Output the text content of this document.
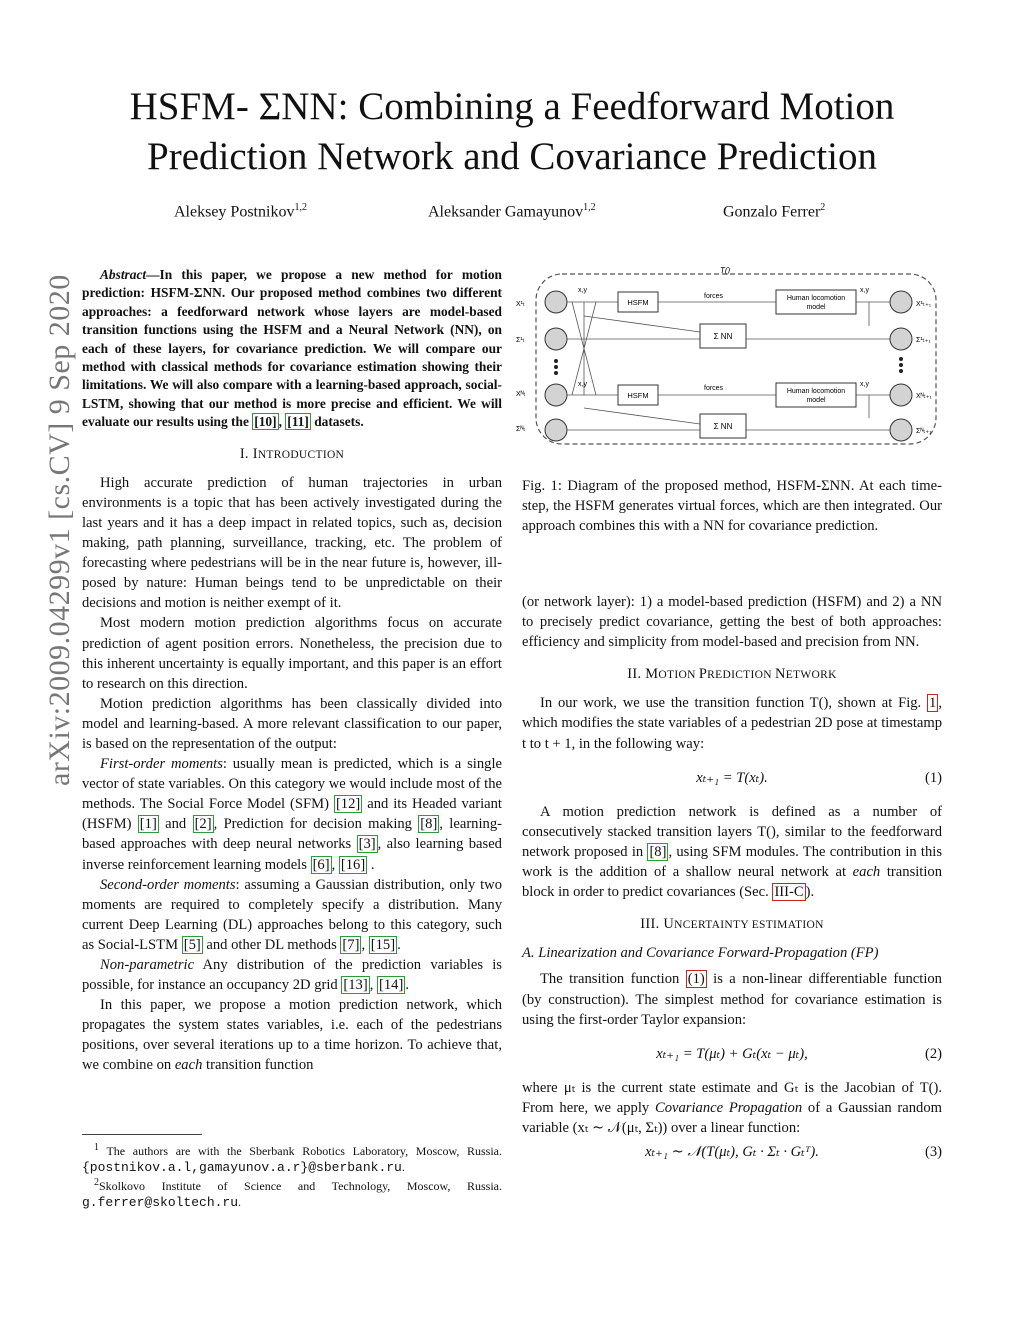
HSFM- ΣNN: Combining a Feedforward Motion
Prediction Network and Covariance Prediction
Aleksey Postnikov$^{1,2}$	Aleksander Gamayunov$^{1,2}$	Gonzalo Ferrer$^2$
arXiv:2009.04299v1 [cs.CV] 9 Sep 2020	Abstract—In this paper, we propose a new method for motion prediction: HSFM-ΣNN. Our proposed method combines two different approaches: a feedforward network whose layers are model-based transition functions using the HSFM and a Neural Network (NN), on each of these layers, for covariance prediction. We will compare our method with classical methods for covariance estimation showing their limitations. We will also compare with a learning-based approach, social-LSTM, showing that our method is more precise and efficient. We will evaluate our results using the [10] , [11] datasets.

I. INTRODUCTION

High accurate prediction of human trajectories in urban environments is a topic that has been actively investigated during the last years and it has a deep impact in related topics, such as, decision making, path planning, surveillance, tracking, etc. The problem of forecasting where pedestrians will be in the near future is, however, ill-posed by nature: Human beings tend to be unpredictable on their decisions and motion is neither exempt of it.

Most modern motion prediction algorithms focus on accurate prediction of agent position errors. Nonetheless, the precision due to this inherent uncertainty is equally important, and this paper is an effort to research on this direction.

Motion prediction algorithms has been classically divided into model and learning-based. A more relevant classification to our paper, is based on the representation of the output:

First-order moments: usually mean is predicted, which is a single vector of state variables. On this category we would include most of the methods. The Social Force Model (SFM) [12] and its Headed variant (HSFM) [1] and [2] , Prediction for decision making [8] , learning-based approaches with deep neural networks [3] , also learning based inverse reinforcement learning models [6] , [16] .

Second-order moments: assuming a Gaussian distribution, only two moments are required to completely specify a distribution. Many current Deep Learning (DL) approaches belong to this category, such as Social-LSTM [5] and other DL methods [7] , [15] .

Non-parametric Any distribution of the prediction variables is possible, for instance an occupancy 2D grid [13] , [14] .

In this paper, we propose a motion prediction network, which propagates the system states variables, i.e. each of the pedestrians positions, over several iterations up to a time horizon. To achieve that, we combine on each transition function

$^1$ The authors are with the Sberbank Robotics Laboratory, Moscow, Russia. {postnikov.a.l,gamayunov.a.r}@sberbank.ru.
$^2$Skolkovo Institute of Science and Technology, Moscow, Russia. g.ferrer@skoltech.ru.
T()
X¹ₜ
Σ¹ₜ
Xᴺₜ
Σᴺₜ
x,y
x,y
x,y
x,y
HSFM
HSFM
forces
forces
Human locomotion
model
Human locomotion
model
Σ NN
Σ NN
X¹ₜ₊₁
Σ¹ₜ₊₁
Xᴺₜ₊₁
Σᴺₜ₊₁
Fig. 1: Diagram of the proposed method, HSFM-ΣNN. At each time-step, the HSFM generates virtual forces, which are then integrated. Our approach combines this with a NN for covariance prediction.

(or network layer): 1) a model-based prediction (HSFM) and 2) a NN to precisely predict covariance, getting the best of both approaches: efficiency and simplicity from model-based and precision from NN.

II. MOTION PREDICTION NETWORK

In our work, we use the transition function T(), shown at Fig. 1 , which modifies the state variables of a pedestrian 2D pose at timestamp t to t + 1, in the following way:

xₜ₊₁ = T(xₜ).	(1)

A motion prediction network is defined as a number of consecutively stacked transition layers T(), similar to the feedforward network proposed in [8] , using SFM modules. The contribution in this work is the addition of a shallow neural network at each transition block in order to predict covariances (Sec. III-C ).

III. UNCERTAINTY ESTIMATION
A. Linearization and Covariance Forward-Propagation (FP)

The transition function (1) is a non-linear differentiable function (by construction). The simplest method for covariance estimation is using the first-order Taylor expansion:

xₜ₊₁ = T(μₜ) + Gₜ(xₜ − μₜ),	(2)

where μₜ is the current state estimate and Gₜ is the Jacobian of T(). From here, we apply Covariance Propagation of a Gaussian random variable (xₜ ∼ 𝒩(μₜ, Σₜ)) over a linear function:

xₜ₊₁ ∼ 𝒩(T(μₜ), Gₜ · Σₜ · Gₜᵀ).	(3)
